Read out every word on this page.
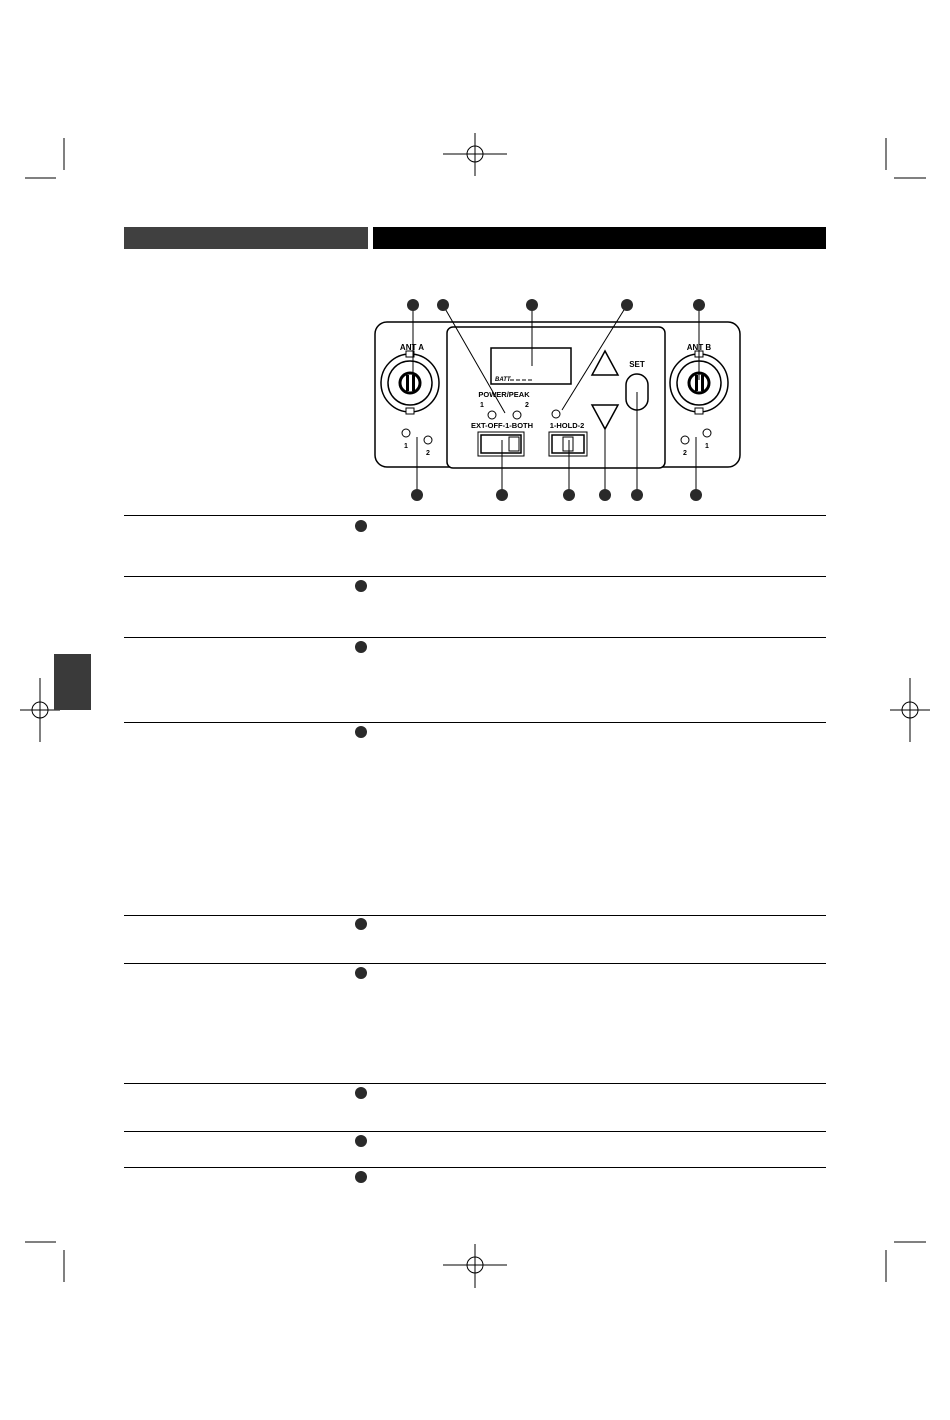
ANT A	ANT B
BATT
POWER/PEAK
1	2
EXT-OFF-1-BOTH 1-HOLD-2
SET
1
2	2
1
